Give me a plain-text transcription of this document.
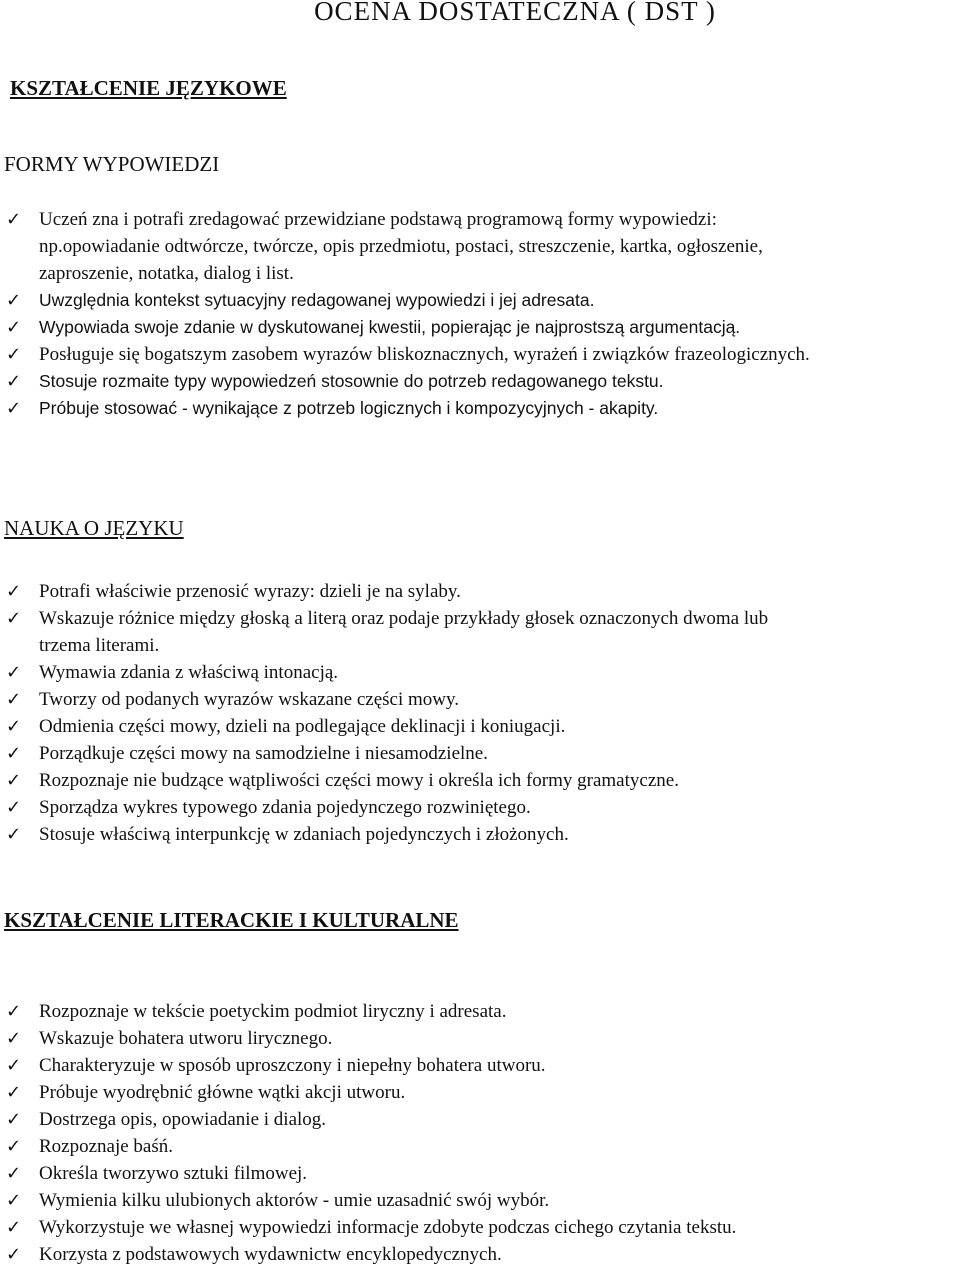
OCENA DOSTATECZNA ( DST )
KSZTAŁCENIE JĘZYKOWE
FORMY WYPOWIEDZI
✓ Uczeń zna i potrafi zredagować przewidziane podstawą programową formy wypowiedzi:
np.opowiadanie odtwórcze, twórcze, opis przedmiotu, postaci, streszczenie, kartka, ogłoszenie,
zaproszenie, notatka, dialog i list.
✓ Uwzględnia kontekst sytuacyjny redagowanej wypowiedzi i jej adresata.
✓ Wypowiada swoje zdanie w dyskutowanej kwestii, popierając je najprostszą argumentacją.
✓ Posługuje się bogatszym zasobem wyrazów bliskoznacznych, wyrażeń i związków frazeologicznych.
✓ Stosuje rozmaite typy wypowiedzeń stosownie do potrzeb redagowanego tekstu.
✓ Próbuje stosować - wynikające z potrzeb logicznych i kompozycyjnych - akapity.
NAUKA O JĘZYKU
✓ Potrafi właściwie przenosić wyrazy: dzieli je na sylaby.
✓ Wskazuje różnice między głoską a literą oraz podaje przykłady głosek oznaczonych dwoma lub
trzema literami.
✓ Wymawia zdania z właściwą intonacją.
✓ Tworzy od podanych wyrazów wskazane części mowy.
✓ Odmienia części mowy, dzieli na podlegające deklinacji i koniugacji.
✓ Porządkuje części mowy na samodzielne i niesamodzielne.
✓ Rozpoznaje nie budzące wątpliwości części mowy i określa ich formy gramatyczne.
✓ Sporządza wykres typowego zdania pojedynczego rozwiniętego.
✓ Stosuje właściwą interpunkcję w zdaniach pojedynczych i złożonych.
KSZTAŁCENIE LITERACKIE I KULTURALNE
✓ Rozpoznaje w tekście poetyckim podmiot liryczny i adresata.
✓ Wskazuje bohatera utworu lirycznego.
✓ Charakteryzuje w sposób uproszczony i niepełny bohatera utworu.
✓ Próbuje wyodrębnić główne wątki akcji utworu.
✓ Dostrzega opis, opowiadanie i dialog.
✓ Rozpoznaje baśń.
✓ Określa tworzywo sztuki filmowej.
✓ Wymienia kilku ulubionych aktorów - umie uzasadnić swój wybór.
✓ Wykorzystuje we własnej wypowiedzi informacje zdobyte podczas cichego czytania tekstu.
✓ Korzysta z podstawowych wydawnictw encyklopedycznych.
